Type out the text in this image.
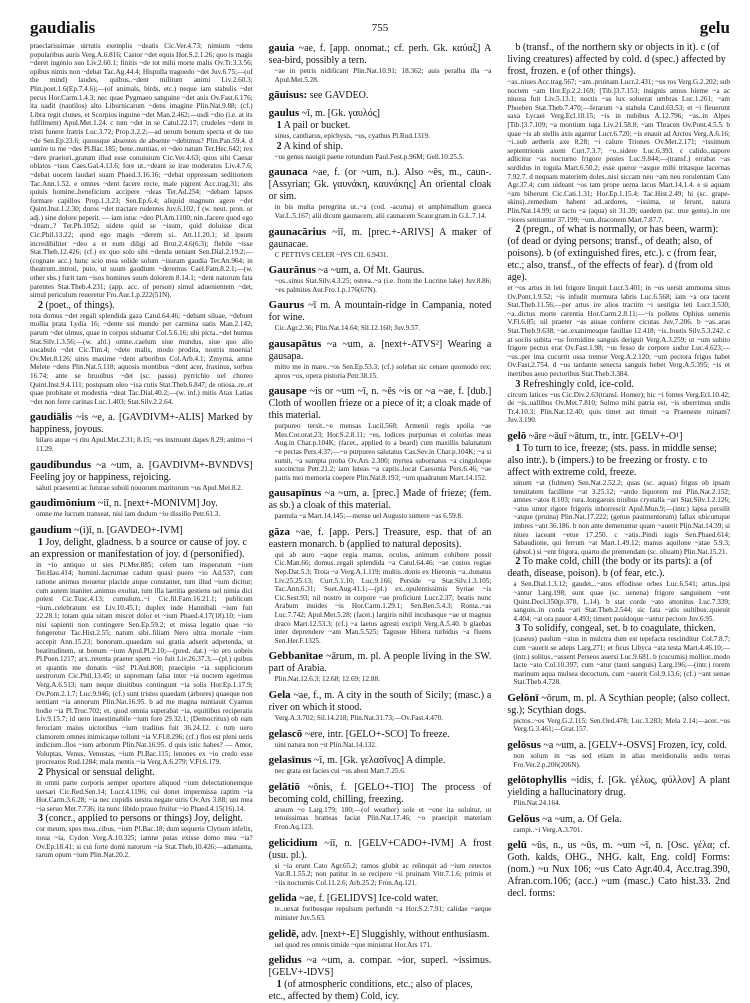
gaudialis	755	gelu
praeclarissimae uirtutis exemplis ~deatis Cic.Ver.4.73; nimium ~dens popularibus auris Verg.A.6.816; Castor ~det equis Hor.S.2.1.26; quo is magis ~deret ingenio suo Liv.2.60.1; finitis ~de tot mihi morte malis Ov.Tr.3.3.56; opibus nimis non ~debat Tac.Ag.44.4; Hispulla tragoedo ~det Juv.6.75;—(of the mind) laudes, quibus..~dent militum animi Liv.2.60.3; Plin.poet.1.6(Ep.7.4.6);—(of animals, birds, etc.) neque iam stabulis ~det pecus Hor.Carm.1.4.3; nec quae Pygmaeo sanguine ~det auis Ov.Fast.6.176; ita uadit (nautilos) alto Liburnicarum ~dens imagine Plin.Nat.9.88; (cf.) Libra regit clunes, et Scorpios inguine ~det Man.2.462;—usdi ~dio (i.e. at its fulfilment) Apul.Met.1.24. c tum ~det in se Catul.22.17; crudeles ~dent in tristi funere fratris Luc.3.72; Prop.3.2.2;—ad uerum bonum specta et de tuo ~de Sen.Ep.23.6; quousque absentes de absente ~debimus? Plin.Pan.59.4. d uenire tu me ~des Pl.Bac.185; bene..nuntias, et ~deo natum Ter.Hec.642; rex ~dere praetori..gratum illud esse conuiuium Cic.Ver.4.63; quos sibi Caesar oblatos ~isus Caes.Gal.4.13.6; fore ut..~deant se irae moderatos Liv.4.7.6; ~debat uocem laudari suam Phaed.3.16.16; ~debat oppressam seditionem Tac.Ann.1.52. e omnes ~dent facere recte, male pigrent Acc.trag.31; abs quiuis homine..beneficium accipere ~deas Ter.Ad.254; ~debam lapsos formare capillos Prop.1.3.23; Sen.Ep.6.4; aliquid magnum agere ~det Quint.Inst.1.2.30; duros ~det tractare rudentes Juv.6.102. f (w. neut. pron. or adj.) sine dolore peperit. — iam istuc ~deo Pl.Am.1100; nin..facere quod ego ~deam..? Ter.Ph.1052; uidete quid se ~isum, quid doluisse dicat Cic.Phil.13.22; quod ego magis ~derem si.. Att.11.20.1; id ipsum incredibiliter ~deo a et eum diligi ad Brut.2.4.6(6.3); flebile ~isse Stat.Theb.12.426; (cf.) ex quo solo sibi ~denda ueniant Sen.Dial.2.19.2;—(cognate acc.) hunc scio mea solide solum ~isuram gaudia Ter.An.964; in theatrum..introii, puto, ut suum gaudium ~deremus Cael.Fam.8.2.1;—(w. other sbs.) furit tam ~isos homines suum dolorem 8.14.1; ~dent natorum fata parentes Stat.Theb.4.231; (app. acc. of person) simul aduenientem ~det, simul periculum reueretur Fro.Aur.1.p.222(51N).
2 (poet., of things).
tota domus ~det regali splendida gaza Catul.64.46; ~debant siluae, ~debunt mollia prata Lydia 16; ~dente sui mundo per carmina uatis Man.2.142; parum ~det ulmus, quae in corpus uiduatur Col.5.6.16; ubi picta..~det humus Stat.Silv.1.3.56;—(w. abl.) omne..caelum siue mundus, siue quo alio uocabulo ~det Cic.Tim.4; ~dete malis, modo prodita, nostris moenia! Ov.Met.8.126; uites maxime ~dent arboribus Col.Arb.4.1; Zmyrna, amne Melete ~dens Plin.Nat.5.118; aquosis montibus ~dent acer, fraxinus, sorbus 16.74; ante se bruuibus ~det (sc. passu) pyrrichio uel choreo Quint.Inst.9.4.111; postquam oleo ~isa cutis Stat.Theb.6.847; de otiosa..re..et quae probitate et modestia ~deat Tac.Dial.40.2;—(w. inf.) mitis Atax Latias ~det non ferre carinas Luc.1.403; Stat.Silv.2.2.64.
gaudiālis ~is ~e, a. [GAVDIVM+-ALIS] Marked by happiness, joyous.
hilaro atque ~i ritu Apul.Met.2.31; 8.15; ~es instruunt dapes 8.29; animo ~i 11.29.
gaudibundus ~a ~um, a. [GAVDIVM+-BVNDVS] Feeling joy or happiness, rejoicing.
saluti praesenti ac futurae suboli nouorum maritorum ~us Apul.Met.8.2.
gaudimōnium ~iī, n. [next+-MONIVM] Joy.
omne me lucrum transeat, nisi iam dudum ~io dissilio Petr.61.3.
gaudium ~(i)ī, n. [GAVDEO+-IVM]
1 Joy, delight, gladness. b a source or cause of joy. c an expression or manifestation of joy. d (personified).
in ~io antiquo ut sies Pl.Mer.885; celem tam insperatum ~ium Ter.Hau.414; homini..lacrumae cadunt quasi puero ~io Ad.537; cum ratione animus mouetur placide atque constanter, tum illud ~ium dicitur; cum autem inaniter..animus exultat, tum illa laetitia gestiens uel nimia dici potest Cic.Tusc.4.13; cumulum..~i Cic.fil.Fam.16.21.1; publicum ~ium..celebratum est Liv.10.45.1; duplex inde Hannibali ~ium fuit 22.28.1; totam quia uitam miscet dolor et ~ium Phaed.4.17(18).10; ~ium nisi sapienti non contingere Sen.Ep.59.2; et missa legatio quae ~io fungeretur Tac.Hist.2.55; natum sibi..filiam Nero ultra mortale ~ium accepit Ann.15.23; bonorum..quaedam sui gratia adserit adpetenda, ut beatitudinem, ut bonum ~ium Apul.Pl.2.10;—(pred. dat.) ~io ero uobeis Pl.Poen.1217; arx..retenta praeter spem ~io fuit Liv.26.37.3;—(pl.) quibus et quantis me donatis ~iis! Pl.Aul.808; praecipio ~ia suppliciorum uestrorum Cic.Phil.13.45; ut supremam falsa inter ~ia noctem egerimus Verg.A.6.513; nam neque diuitibus contingunt ~ia solis Hor.Ep.1.17.9; Ov.Pont.2.1.7; Luc.9.946; (cf.) sunt tristes quaedam (arbores) quaeque non sentiant ~ia annorum Plin.Nat.16.95. b ad me magna nuntiauit Cyamus hodie ~ia Pl.Truc.702; et, quod omnia superabat ~ia, equitibus reciperatis Liv.9.15.7; id uero inaestimabile ~ium fore 29.32.1; (Democritus) ob eam ferociam maius uictoribus ~ium traditus fuit 36.24.12. c tum uero clamorem omnes inimicaque tollunt ~ia V.Fl.8.296; (cf.) flos est pleni ueris indicium..flos ~ium arborum Plin.Nat.16.95. d quis istic habes? — Amor, Voluptas, Venus, Venustas, ~ium Pl.Bac.115; lenones ex ~io credo esse procreatos Rud.1284; mala mentis ~ia Verg.A.6.279; V.Fl.6.179.
2 Physical or sensual delight.
in omni parte corporis semper oportere aliquod ~ium delectationemque uersari Cic.Red.Sen.14; Lucr.4.1196; cui donet impermissa raptim ~ia Hor.Carm.3.6.28; ~ia nec cupidis uestra negate uiris Ov.Ars 3.88; uni mea ~ia seruo Met.7.736; ita nunc libido prauo fruitur ~io Phaed.4.15(16).14.
3 (concr., applied to persons or things) Joy, delight.
cor meum, spes mea..cibus, ~ium Pl.Bac.18; dum sequeris Clytium infelix, noua ~ia, Cydon Verg.A.10.325; iamne putas exisse domo mea ~ia? Ov.Ep.18.41; si cui forte domi natorum ~ia Stat.Theb.10.426;—adamanta, rarum opum ~ium Plin.Nat.20.2.
gauia ~ae, f. [app. onomat.; cf. perh. Gk. καύαξ] A sea-bird, possibly a tern.
~ae in petris nidificant Plin.Nat.10.91; 18.362; auis peralba illa ~a Apul.Met.5.28.
gāuisus: see GAVDEO.
gaulus ~ī, m. [Gk. γαυλός]
1 A pail or bucket.
sinus, cantharus, epichysis, ~us, cyathus Pl.Rud.1319.
2 A kind of ship.
~us genus nauigii paene rotundum Paul.Fest.p.96M; Gell.10.25.5.
gaunaca ~ae, f. (or ~um, n.). Also ~ēs, m., caun-. [Assyrian; Gk. γαυνάκη, καυνάκης] An oriental cloak or sim.
in bis multa peregrina ut..~a (cod. -acuma) et amphimallum graeca Var.L.5.167; alii dicunt gaunacem, alii caunacem Scaur.gram.in G.L.7.14.
gaunacārius ~iī, m. [prec.+-ARIVS] A maker of gaunacae.
C PETTIVS CELER ~IVS CIL 6.9431.
Gaurānus ~a ~um, a. Of Mt. Gaurus.
~os..sinus Stat.Silv.4.3.25; ostrea..~a (i.e. from the Lucrine lake) Juv.8.86; ~es palmites Aur.Fro.1.p.176(67N).
Gaurus ~ī m. A mountain-ridge in Campania, noted for wine.
Cic.Agr.2.36; Plin.Nat.14.64; Sil.12.160; Juv.9.57.
gausapātus ~a ~um, a. [next+-ATVS²] Wearing a gausapa.
mitto me in mare..~os Sen.Ep.53.3; (cf.) solebat sic cenare quomodo rex: apros ~os, opera pistoria Petr.38.15.
gausape ~is or ~um ~ī, n. ~ēs ~is or ~a ~ae, f. [dub.] Cloth of woollen frieze or a piece of it; a cloak made of this material.
purpureo tersit..~e mensas Lucil.568; Armenii regis spolia ~ae Mes.Cor.orat.23; Hor.S.2.8.11; ~es, lodices purpureas et colorias meas Aug.in Char.p.104K; (facet., applied to a beard) cum maxillis balanatum ~e pectas Pers.4.37;—~o purpureo salutatus Cas.Sev.in Char.p.104K; ~a si sumit, ~a sumpta proba Ov.Ars 2.300; myrtea subornatus ~a cinguloque succinctus Petr.21.2; iam luteas ~a captis..locat Caesonia Pers.6.46; ~ae patris mei memoria coepere Plin.Nat.8.193; ~um quadratum Mart.14.152.
gausapīnus ~a ~um, a. [prec.] Made of frieze; (fem. as sb.) a cloak of this material.
paenula ~a Mart.14.145;—mense uel Augusto sumere ~as 6.59.8.
gāza ~ae, f. [app. Pers.] Treasure, esp. that of an eastern monarch. b (applied to natural deposits).
qui ab auro ~aque regia manus, oculos, animum cohibere possit Cic.Man.66; domus..regali splendida ~a Catul.64.46; ~ae custos regiae Nep.Dat.5.3; Troia ~a Verg.A.1.119; multis..donis ex Hieronis ~a..donatus Liv.25.25.13; Curt.5.1.10; Luc.9.166; Perside ~a Stat.Silv.1.3.105; Tac.Ann.6.31; Suet.Aug.41.1;—(pl.) ex..opulentissimis Syriae ~is Cic.Sest.93; nil nostro in corpore ~ae proficiunt Lucr.2.37; beatis nunc Arabum inuides ~is Hor.Carm.1.29.1; Sen.Ben.5.4.3; Roma..~as Luc.7.742; Apul.Met.5.28; (facet.) largiris nihil incubasque ~ae ut magnus draco Mart.12.53.3; (cf.) ~a laetus agresti excipit Verg.A.5.40. b glaebas inter deprendere ~am Man.5.525; Tagusue Hibera turbidus ~a fluens Sen.Her.F.1325.
Gebbanītae ~ārum, m. pl. A people living in the SW. part of Arabia.
Plin.Nat.12.6.3; 12.68; 12.69; 12.88.
Gela ~ae, f., m. A city in the south of Sicily; (masc.) a river on which it stood.
Verg.A.3.702; Sil.14.218; Plin.Nat.31.73;—Ov.Fast.4.470.
gelascō ~ere, intr. [GELO+-SCO] To freeze.
uini natura non ~it Plin.Nat.14.132.
gelasīnus ~ī, m. [Gk. γελασῖνος] A dimple.
nec grata est facies cui ~us abest Mart.7.25.6.
gelātiō ~ōnis, f. [GELO+-TIO] The process of becoming cold, chilling, freezing.
aruum ~o Larg.179; 180;—(of weather) sole et ~one ita soluitur, ut tenuissimas bratteas faciat Plin.Nat.17.46; ~o praecipit materiam Fron.Aq.123.
gelicidium ~iī, n. [GELV+CADO+-IVM] A frost (usu. pl.).
si ~ia erunt Cato Agr.65.2; ramos glubit ac relinquit ad ~ium retectos Var.R.1.55.2; non patitur in se recipere ~ii pruinam Vitr.7.1.6; primis et ~iis nocturnis Col.11.2.6; Arb.25.2; Fron.Aq.121.
gelida ~ae, f. [GELIDVS] Ice-cold water.
te..uexat foribusque repulsum perfundit ~a Hor.S.2.7.91; calidae ~aeque minister Juv.5.63.
gelidē, adv. [next+-E] Sluggishly, without enthusiasm.
uel quod res omnis timide ~que ministrat Hor.Ars 171.
gelidus ~a ~um, a. compar. ~ior, superl. ~issimus. [GELV+-IDVS]
1 (of atmospheric conditions, etc.; also of places, etc., affected by them) Cold, icy.
b (transf., of the northern sky or objects in it). c (of living creatures) affected by cold. d (spec.) affected by frost, frozen. e (of other things).
~as..niues Acc.trag.567; ~am..pruinam Lucr.2.431; ~us ros Verg.G.2.202; sub noctem ~am Hor.Ep.2.2.169; [Tib.]3.7.153; insignis annus hieme ~a ac niuosa fuit Liv.5.13.1; noctis ~as lux soluerat umbras Luc.1.261; ~am Phoeben Stat.Theb.7.470;—ferarum ~a stabula Catul.63.53; et ~i fleuerunt saxa Lycaei Verg.Ecl.10.15; ~is in nubibus A.12.796; ~as..in Alpes [Tib.]3.7.109; ~a montium iuga Liv.21.58.8; ~am Thracen Ov.Pont.4.5.5. b quae ~is ab stellis axis agantur Lucr.6.720; ~is enauit ad Arctos Verg.A.6.16; ~i..sub aetheris axe 8.28; ~i calure Triones Ov.Met.2.171; ~issimum septentrionis axem Curt.7.3.7; ~o..sidere Luc.6.393. c calido..uapore adlicitur ~as nocturno frigore postes Luc.9.844;—(transf.) errabat ~as sordidus in togula Mart.6.50.2; esse queror ~asque mihi tritasque lacernas 7.92.7. d nequam materiem doles..nisi siccam neu ~am neu rorulentam Cato Agr.37.4; cum uideant ~os tam prope uerna lacus Mart.14.1.4. e si aquam ~am biberunt Cic.Cati.1.31; Hor.Ep.1.15.4; Tac.Hist.2.49; hi (sc. grape-skins)..remedium habent ad..ardores, ~issima, ut ferunt, natura Plin.Nat.14.99; ut tactu ~a (aqua) sit 31.39; eaedem (sc. true gems)..in ore ~iores sentiuntur 37.199; ~um..draconem Mart.7.87.7.
2 (pregn., of what is normally, or has been, warm): (of dead or dying persons; transf., of death; also, of poisons). b (of extinguished fires, etc.). c (from fear, etc.; also, transf., of the effects of fear). d (from old age).
et ~os artus in leti frigore linquit Lucr.3.401; in ~os uersit ammoma sinus Ov.Pont.1.9.52; ~is infudit murmura labris Luc.6.568; iam ~a ora tacent Stat.Theb.11.56;—per artus ire alios tractim ~i uestigia leti Lucr.3.530; ~a..dictus morte carentia Hor.Carm.2.8.11;—~is pollens Ophius uenenis V.Fl.6.85; uil praeter ~as ausae conferre cicutas Juv.7.206. b ~as..aras Stat.Theb.9.638; ~ae..exanimesque fauillae 12.418; ~is..bustis Silv.5.3.242. c at sociis subita ~us formidine sanguis deriguit Verg.A.3.259; ut ~um subito frigore pectus erat Ov.Fast.1.98; ~us fesso de corpore sudor Luc.4.623;—~us..per ima cucurrit ossa tremor Verg.A.2.120; ~um pectora frigus habet Ov.Fast.2.754. d ~us tardante senecta sanguis hebet Verg.A.5.395; ~is et inertibus aeuo pectoribus Stat.Theb.3.384.
3 Refreshingly cold, ice-cold.
circum latices ~us Cic.Div.2.63(transl. Homer); hic ~i fontes Verg.Ecl.10.42; de ~is..uallibus Ov.Met.7.810; Sulmo mihi patria est, ~is uberrimus undis Tr.4.10.3; Plin.Nat.12.40; quis timet aut timuit ~a Praeneste ruinam? Juv.3.190.
gelō ~āre ~āuī ~ātum, tr., intr. [GELV+-O¹]
1 To turn to ice, freeze; (sts. pass. in middle sense; also intr.). b (impers.) to be freezing or frosty. c to affect with extreme cold, freeze.
uinum ~at (fulmen) Sen.Nat.2.52.2; quas (sc. aquas) frigus ob ipsam tenuitatem facillime ~at 3.25.12; ~ando liquorem nui Plin.Nat.2.152; amnes ~atos 8.103; rura..longaeuis niuibus crystalla ~ari Stat.Silv.1.2.126; ~atus umor rigore frigoris inhorrescit Apul.Mun.9;—(intr.) lapsa persilit ~atque (pruina) Plin.Nat.17.222; (genus pauimentorum) fallax ubicumque imbres ~ant 36.186. b non ante demetuntur quam ~auerit Plin.Nat.14.39; si niues iaceant ~etue 17.250. c ~atis..Pindi iugis Sen.Phaed.614; Sabaudione, qui ferrum ~at Mart.1.49.12; manus aquilone ~atae 5.9.3; (absol.) si ~ent frigora, quarto die premendam (sc. oliuam) Plin.Nat.15.21.
2 To make cold, chill (the body or its parts): a (of death, disease, poison). b (of fear, etc.).
a Sen.Dial.1.3.12; gaudet,..~atos effodisse orbes Luc.6.541; artus..ipsi ~antur Larg.198; sunt quae (sc. uenena) frigore sanguinem ~ent Quint.Decl.350(p.378, L.14). b stat corde ~ato attonitus Luc.7.339; sanguis..in corda ~ari Stat.Theb.2.544; sic fata ~atis uultibus..quieuit 4.404; ~at ora pauor 4.493; timent pauidoque ~antur pectore Juv.6.95.
3 To solidify, congeal, set. b to coagulate, thicken.
(caseus) paulum ~atus in mulctra dum est tepefacta rescinditur Col.7.8.7; cum ~auerit se adeps Larg.271; et ficus Libyca ~ata testa Mart.4.46.10;—(intr.) solitus..~assent Perseos auersi Luc.9.681. b (cucumis) mollior..modo lacte ~ato Col.10.397; cum ~atur (tauri sanguis) Larg.196;—(intr.) rorem marinum aqua mulsea decoctum, cum ~auerit Col.9.13.6; (cf.) ~ant uenae Stat.Theb.4.728.
Gelōnī ~ōrum, m. pl. A Scythian people; (also collect. sg.); Scythian dogs.
pictos..~os Verg.G.2.115; Sen.Oed.478; Luc.3.283; Mela 2.14;—acer..~us Verg.G.3.461;—Grat.157.
gelōsus ~a ~um, a. [GELV+-OSVS] Frozen, icy, cold.
non solum in ~as sed etiam in alias meridionalis sedis terras Fro.Ver.2.p.206(206N).
gelōtophyllis ~idis, f. [Gk. γέλως, φύλλον] A plant yielding a hallucinatory drug.
Plin.Nat.24.164.
Gelōus ~a ~um, a. Of Gela.
campi..~i Verg.A.3.701.
gelū ~ūs, n., us ~ūs, m. ~um ~ī, n. [Osc. γέλα; cf. Goth. kalds, OHG., NHG. kalt, Eng. cold] Forms: (nom.) ~u Nux 106; ~us Cato Agr.40.4, Acc.trag.390, Afran.com.106; (acc.) ~um (masc.) Cato hist.33. 2nd decl. forms:
